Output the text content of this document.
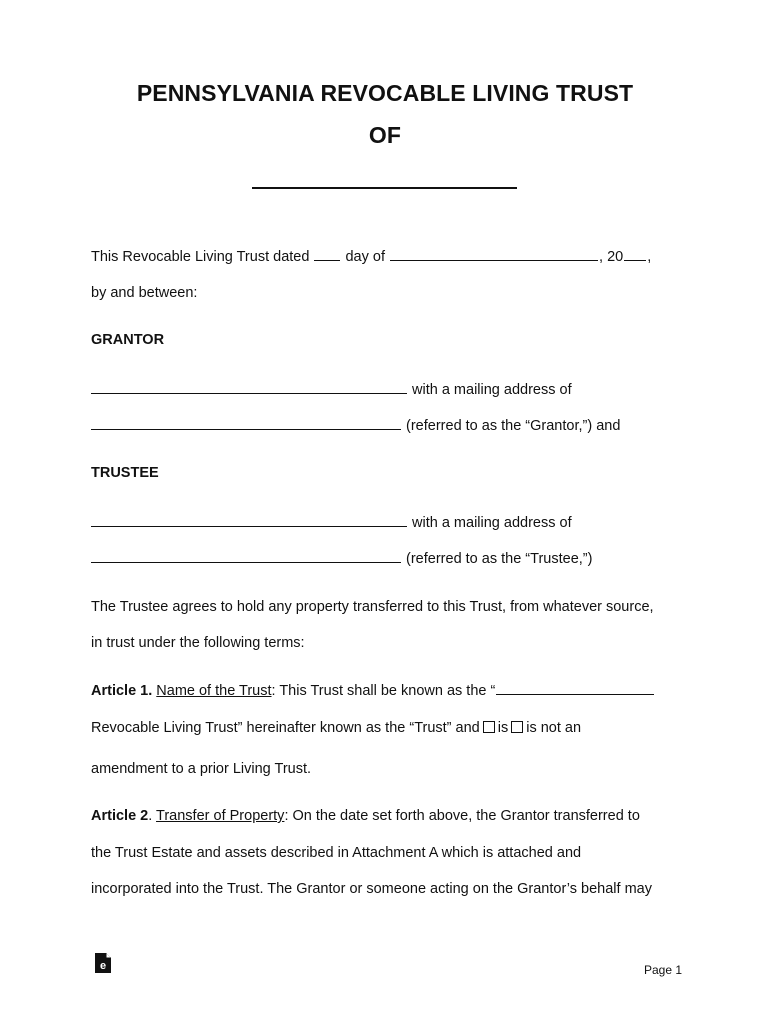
PENNSYLVANIA REVOCABLE LIVING TRUST
OF
This Revocable Living Trust dated  day of	, 20 ,
by and between:
GRANTOR
with a mailing address of
(referred to as the “Grantor,”) and
TRUSTEE
with a mailing address of
(referred to as the “Trustee,”)
The Trustee agrees to hold any property transferred to this Trust, from whatever source,
in trust under the following terms:
Article 1. Name of the Trust: This Trust shall be known as the “
Revocable Living Trust” hereinafter known as the “Trust” and is is not an
amendment to a prior Living Trust.
Article 2. Transfer of Property: On the date set forth above, the Grantor transferred to
the Trust Estate and assets described in Attachment A which is attached and
incorporated into the Trust. The Grantor or someone acting on the Grantor’s behalf may
e	Page 1
